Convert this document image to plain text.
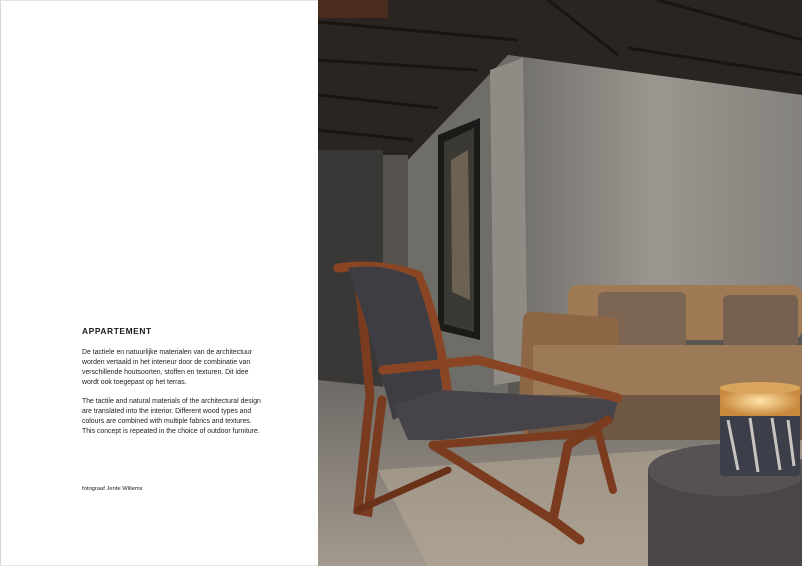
APPARTEMENT

De tactiele en natuurlijke materialen van de architectuur worden vertaald in het interieur door de combinatie van verschillende houtsoorten, stoffen en texturen. Dit idee wordt ook toegepast op het terras.

The tactile and natural materials of the architectural design are translated into the interior. Different wood types and colours are combined with multiple fabrics and textures. This concept is repeated in the choice of outdoor furniture.

fotograaf Jente Willems
